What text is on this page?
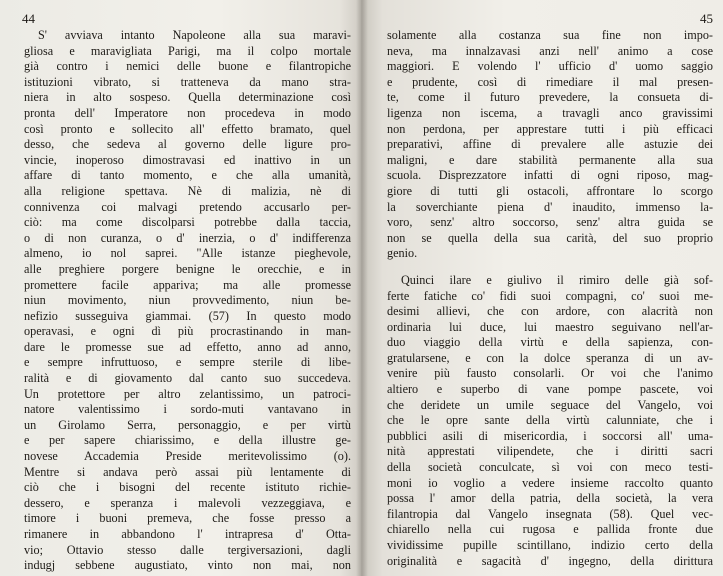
44
S' avviava intanto Napoleone alla sua maravi-
gliosa e maravigliata Parigi, ma il colpo mortale
già contro i nemici delle buone e filantropiche
istituzioni vibrato, si tratteneva da mano stra-
niera in alto sospeso. Quella determinazione così
pronta dell' Imperatore non procedeva in modo
così pronto e sollecito all' effetto bramato, quel
desso, che sedeva al governo delle ligure pro-
vincie, inoperoso dimostravasi ed inattivo in un
affare di tanto momento, e che alla umanità,
alla religione spettava. Nè di malizia, nè di
connivenza coi malvagi pretendo accusarlo per-
ciò: ma come discolparsi potrebbe dalla taccia,
o di non curanza, o d' inerzia, o d' indifferenza
almeno, io nol saprei. "Alle istanze pieghevole,
alle preghiere porgere benigne le orecchie, e in
promettere facile appariva; ma alle promesse
niun movimento, niun provvedimento, niun be-
nefizio susseguiva giammai. (57) In questo modo
operavasi, e ogni dì più procrastinando in man-
dare le promesse sue ad effetto, anno ad anno,
e sempre infruttuoso, e sempre sterile di libe-
ralità e di giovamento dal canto suo succedeva.
Un protettore per altro zelantissimo, un patroci-
natore valentissimo i sordo-muti vantavano in
un Girolamo Serra, personaggio, e per virtù
e per sapere chiarissimo, e della illustre ge-
novese Accademia Preside meritevolissimo (o).
Mentre si andava però assai più lentamente di
ciò che i bisogni del recente istituto richie-
dessero, e speranza i malevoli vezzeggiava, e
timore i buoni premeva, che fosse presso a
rimanere in abbandono l' intrapresa d' Otta-
vio; Ottavio stesso dalle tergiversazioni, dagli
indugj sebbene augustiato, vinto non mai, non
45
solamente alla costanza sua fine non impo-
neva, ma innalzavasi anzi nell' animo a cose
maggiori. E volendo l' ufficio d' uomo saggio
e prudente, così di rimediare il mal presen-
te, come il futuro prevedere, la consueta di-
ligenza non iscema, a travagli anco gravissimi
non perdona, per apprestare tutti i più efficaci
preparativi, affine di prevalere alle astuzie dei
maligni, e dare stabilità permanente alla sua
scuola. Disprezzatore infatti di ogni riposo, mag-
giore di tutti gli ostacoli, affrontare lo scorgo
la soverchiante piena d' inaudito, immenso la-
voro, senz' altro soccorso, senz' altra guida se
non se quella della sua carità, del suo proprio
genio.
Quinci ilare e giulivo il rimiro delle già sof-
ferte fatiche co' fidi suoi compagni, co' suoi me-
desimi allievi, che con ardore, con alacrità non
ordinaria lui duce, lui maestro seguivano nell'ar-
duo viaggio della virtù e della sapienza, con-
gratularsene, e con la dolce speranza di un av-
venire più fausto consolarli. Or voi che l'animo
altiero e superbo di vane pompe pascete, voi
che deridete un umile seguace del Vangelo, voi
che le opre sante della virtù calunniate, che i
pubblici asili di misericordia, i soccorsi all' uma-
nità apprestati vilipendete, che i diritti sacri
della società conculcate, sì voi con meco testi-
moni io voglio a vedere insieme raccolto quanto
possa l' amor della patria, della società, la vera
filantropia dal Vangelo insegnata (58). Quel vec-
chiarello nella cui rugosa e pallida fronte due
vividissime pupille scintillano, indizio certo della
originalità e sagacità d' ingegno, della dirittura
